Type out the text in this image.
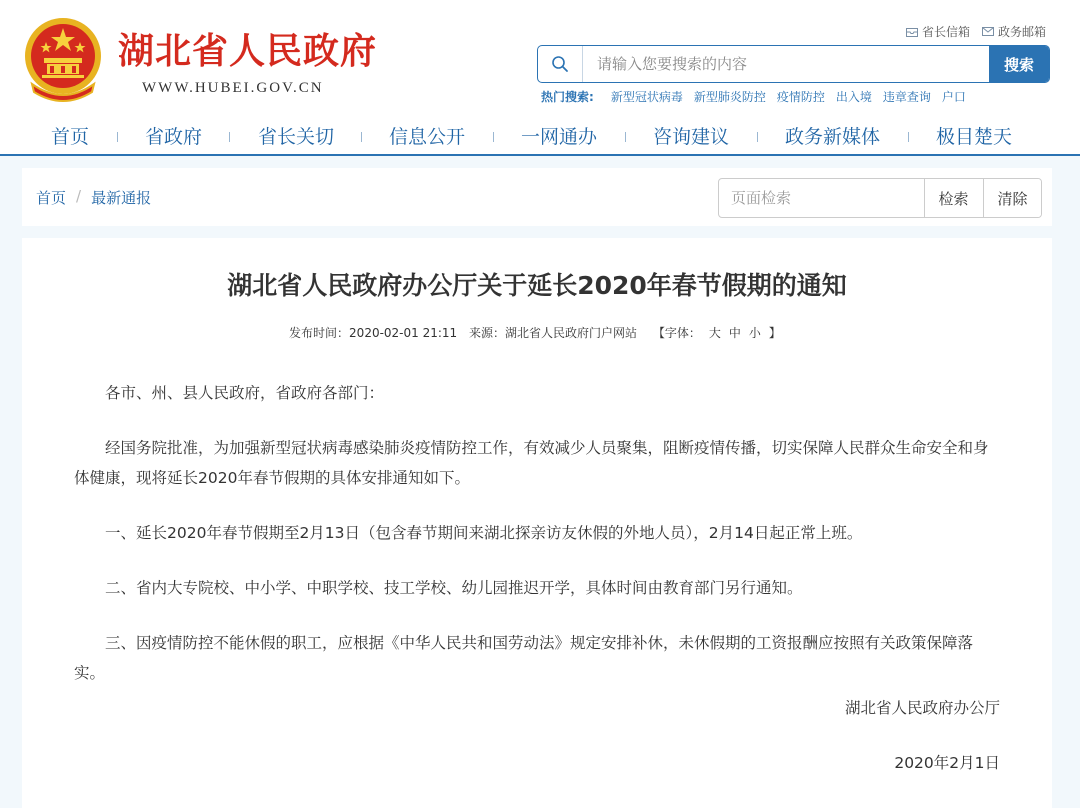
湖北省人民政府
WWW.HUBEI.GOV.CN
省长信箱 政务邮箱
请输入您要搜索的内容
搜索
热门搜索: 新型冠状病毒 新型肺炎防控 疫情防控 出入境 违章查询 户口
首页	省政府	省长关切	信息公开	一网通办	咨询建议	政务新媒体	极目楚天
首页 / 最新通报
页面检索	检索	清除
湖北省人民政府办公厅关于延长2020年春节假期的通知
发布时间：2020-02-01 21:11 来源：湖北省人民政府门户网站 【字体： 大 中 小 】

各市、州、县人民政府，省政府各部门：

经国务院批准，为加强新型冠状病毒感染肺炎疫情防控工作，有效减少人员聚集，阻断疫情传播，切实保障人民群众生命安全和身体健康，现将延长2020年春节假期的具体安排通知如下。

一、延长2020年春节假期至2月13日（包含春节期间来湖北探亲访友休假的外地人员），2月14日起正常上班。

二、省内大专院校、中小学、中职学校、技工学校、幼儿园推迟开学，具体时间由教育部门另行通知。

三、因疫情防控不能休假的职工，应根据《中华人民共和国劳动法》规定安排补休，未休假期的工资报酬应按照有关政策保障落实。

湖北省人民政府办公厅
2020年2月1日
